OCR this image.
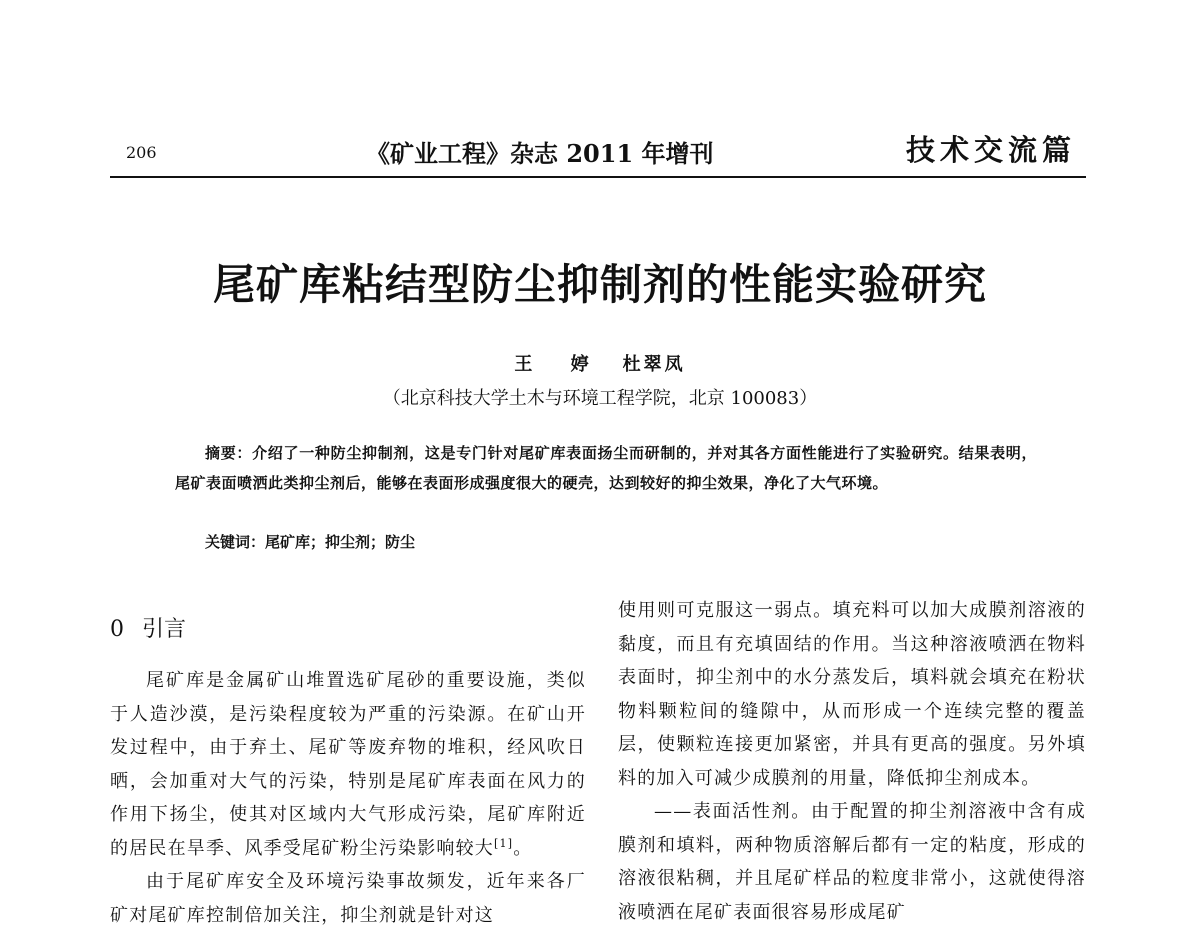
206	《矿业工程》杂志 2011 年增刊	技术交流篇
尾矿库粘结型防尘抑制剂的性能实验研究
王 婷 杜翠凤
（北京科技大学土木与环境工程学院，北京 100083）

摘要：介绍了一种防尘抑制剂，这是专门针对尾矿库表面扬尘而研制的，并对其各方面性能进行了实验研究。结果表明，尾矿表面喷洒此类抑尘剂后，能够在表面形成强度很大的硬壳，达到较好的抑尘效果，净化了大气环境。

关键词：尾矿库；抑尘剂；防尘
0 引言

尾矿库是金属矿山堆置选矿尾砂的重要设施，类似于人造沙漠，是污染程度较为严重的污染源。在矿山开发过程中，由于弃土、尾矿等废弃物的堆积，经风吹日晒，会加重对大气的污染，特别是尾矿库表面在风力的作用下扬尘，使其对区域内大气形成污染，尾矿库附近的居民在旱季、风季受尾矿粉尘污染影响较大[1]。

由于尾矿库安全及环境污染事故频发，近年来各厂矿对尾矿库控制倍加关注，抑尘剂就是针对这

使用则可克服这一弱点。填充料可以加大成膜剂溶液的黏度，而且有充填固结的作用。当这种溶液喷洒在物料表面时，抑尘剂中的水分蒸发后，填料就会填充在粉状物料颗粒间的缝隙中，从而形成一个连续完整的覆盖层，使颗粒连接更加紧密，并具有更高的强度。另外填料的加入可减少成膜剂的用量，降低抑尘剂成本。

——表面活性剂。由于配置的抑尘剂溶液中含有成膜剂和填料，两种物质溶解后都有一定的粘度，形成的溶液很粘稠，并且尾矿样品的粒度非常小，这就使得溶液喷洒在尾矿表面很容易形成尾矿
